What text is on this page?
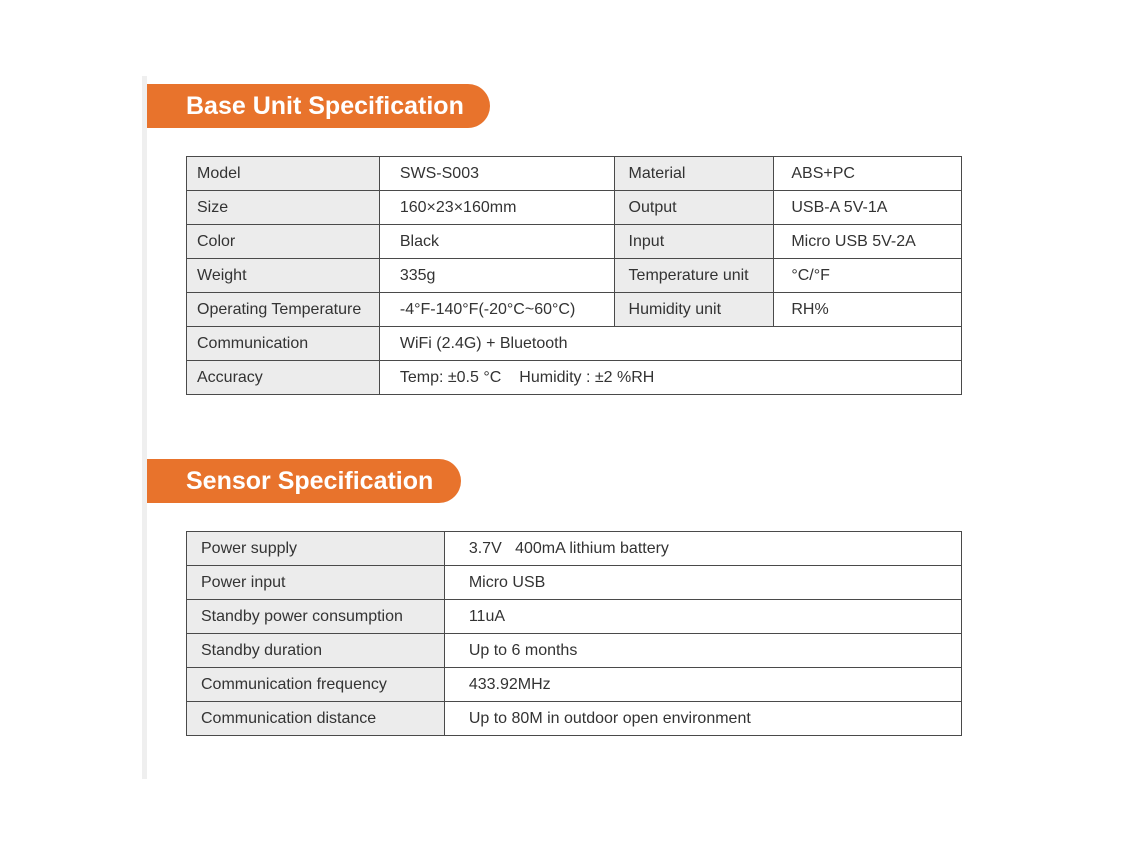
Base Unit Specification
Model	SWS-S003	Material	ABS+PC
Size	160×23×160mm	Output	USB-A 5V-1A
Color	Black	Input	Micro USB 5V-2A
Weight	335g	Temperature unit	°C/°F
Operating Temperature	-4°F-140°F(-20°C~60°C)	Humidity unit	RH%
Communication	WiFi (2.4G) + Bluetooth		
Accuracy	Temp: ±0.5 °C Humidity : ±2 %RH		
Sensor Specification
Power supply	3.7V   400mA lithium battery
Power input	Micro USB
Standby power consumption	11uA
Standby duration	Up to 6 months
Communication frequency	433.92MHz
Communication distance	Up to 80M in outdoor open environment
